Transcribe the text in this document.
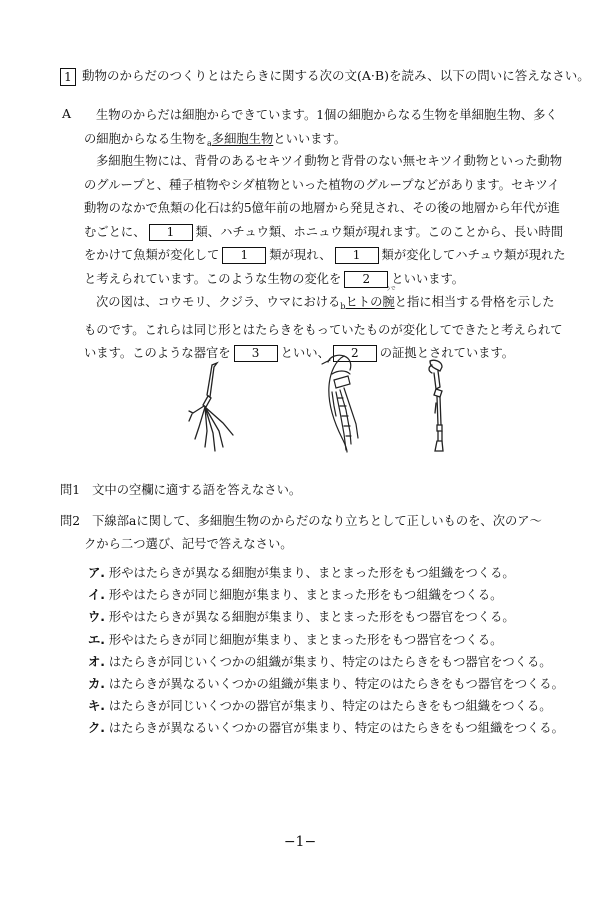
1 動物のからだのつくりとはたらきに関する次の文(A·B)を読み、以下の問いに答えなさい。
A	生物のからだは細胞からできています。1個の細胞からなる生物を単細胞生物、多く
の細胞からなる生物を$_a$多細胞生物といいます。
多細胞生物には、背骨のあるセキツイ動物と背骨のない無セキツイ動物といった動物
のグループと、種子植物やシダ植物といった植物のグループなどがあります。セキツイ
動物のなかで魚類の化石は約5億年前の地層から発見され、その後の地層から年代が進
むごとに、 1 類、ハチュウ類、ホニュウ類が現れます。このことから、長い時間
をかけて魚類が変化して 1 類が現れ、 1 類が変化してハチュウ類が現れた
と考えられています。このような生物の変化を 2 といいます。
次の図は、コウモリ、クジラ、ウマにおける$_b$ヒトの腕
うで
と指に相当する骨格を示した
ものです。これらは同じ形とはたらきをもっていたものが変化してできたと考えられて
います。このような器官を 3 といい、 2 の証拠とされています。
問1 文中の空欄に適する語を答えなさい。
問2 下線部aに関して、多細胞生物のからだのなり立ちとして正しいものを、次のア～
クから二つ選び、記号で答えなさい。
ア. 形やはたらきが異なる細胞が集まり、まとまった形をもつ組織をつくる。
イ. 形やはたらきが同じ細胞が集まり、まとまった形をもつ組織をつくる。
ウ. 形やはたらきが異なる細胞が集まり、まとまった形をもつ器官をつくる。
エ. 形やはたらきが同じ細胞が集まり、まとまった形をもつ器官をつくる。
オ. はたらきが同じいくつかの組織が集まり、特定のはたらきをもつ器官をつくる。
カ. はたらきが異なるいくつかの組織が集まり、特定のはたらきをもつ器官をつくる。
キ. はたらきが同じいくつかの器官が集まり、特定のはたらきをもつ組織をつくる。
ク. はたらきが異なるいくつかの器官が集まり、特定のはたらきをもつ組織をつくる。
−1−
